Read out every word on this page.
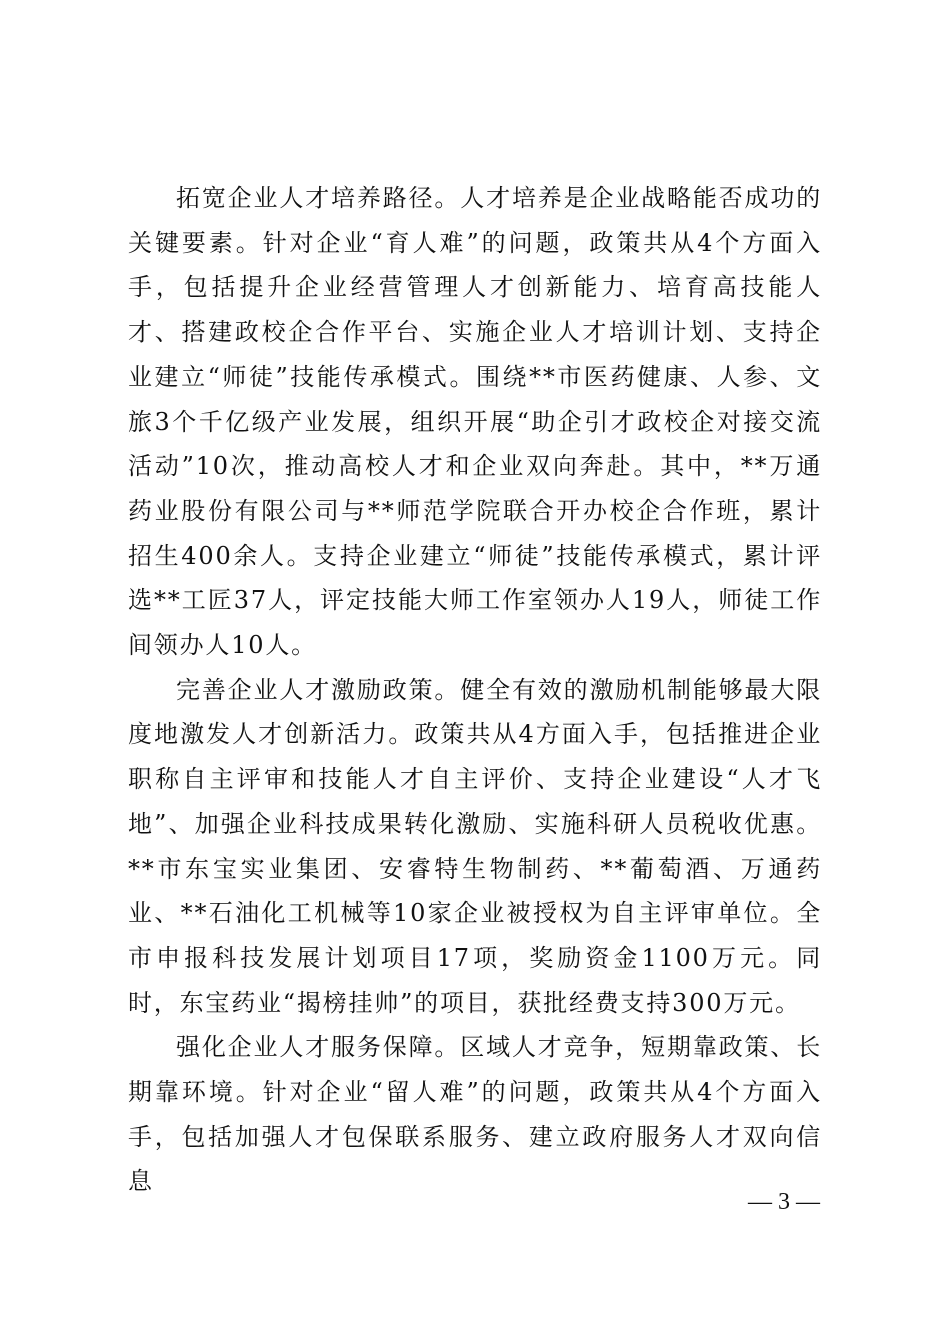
拓宽企业人才培养路径。人才培养是企业战略能否成功的关键要素。针对企业“育人难”的问题，政策共从4个方面入手，包括提升企业经营管理人才创新能力、培育高技能人才、搭建政校企合作平台、实施企业人才培训计划、支持企业建立“师徒”技能传承模式。围绕**市医药健康、人参、文旅3个千亿级产业发展，组织开展“助企引才政校企对接交流活动”10次，推动高校人才和企业双向奔赴。其中，**万通药业股份有限公司与**师范学院联合开办校企合作班，累计招生400余人。支持企业建立“师徒”技能传承模式，累计评选**工匠37人，评定技能大师工作室领办人19人，师徒工作间领办人10人。

完善企业人才激励政策。健全有效的激励机制能够最大限度地激发人才创新活力。政策共从4方面入手，包括推进企业职称自主评审和技能人才自主评价、支持企业建设“人才飞地”、加强企业科技成果转化激励、实施科研人员税收优惠。**市东宝实业集团、安睿特生物制药、**葡萄酒、万通药业、**石油化工机械等10家企业被授权为自主评审单位。全市申报科技发展计划项目17项，奖励资金1100万元。同时，东宝药业“揭榜挂帅”的项目，获批经费支持300万元。

强化企业人才服务保障。区域人才竞争，短期靠政策、长期靠环境。针对企业“留人难”的问题，政策共从4个方面入手，包括加强人才包保联系服务、建立政府服务人才双向信息

— 3 —
